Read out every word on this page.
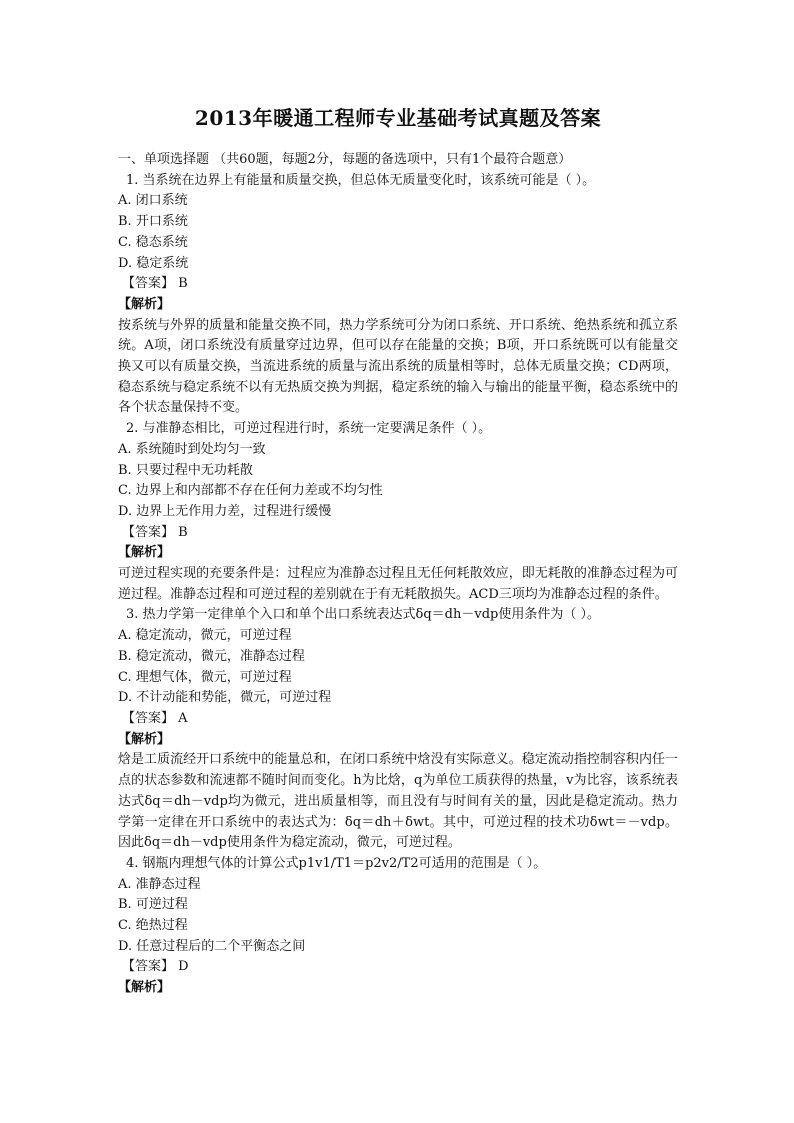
2013年暖通工程师专业基础考试真题及答案
一、单项选择题 （共60题，每题2分，每题的备选项中，只有1个最符合题意）
1. 当系统在边界上有能量和质量交换，但总体无质量变化时，该系统可能是（ ）。
A. 闭口系统
B. 开口系统
C. 稳态系统
D. 稳定系统
【答案】 B
【解析】
按系统与外界的质量和能量交换不同，热力学系统可分为闭口系统、开口系统、绝热系统和孤立系统。A项，闭口系统没有质量穿过边界，但可以存在能量的交换；B项，开口系统既可以有能量交换又可以有质量交换，当流进系统的质量与流出系统的质量相等时，总体无质量交换；CD两项，稳态系统与稳定系统不以有无热质交换为判据，稳定系统的输入与输出的能量平衡，稳态系统中的各个状态量保持不变。
2. 与准静态相比，可逆过程进行时，系统一定要满足条件（ ）。
A. 系统随时到处均匀一致
B. 只要过程中无功耗散
C. 边界上和内部都不存在任何力差或不均匀性
D. 边界上无作用力差，过程进行缓慢
【答案】 B
【解析】
可逆过程实现的充要条件是：过程应为准静态过程且无任何耗散效应，即无耗散的准静态过程为可逆过程。准静态过程和可逆过程的差别就在于有无耗散损失。ACD三项均为准静态过程的条件。
3. 热力学第一定律单个入口和单个出口系统表达式δq＝dh－vdp使用条件为（ ）。
A. 稳定流动，微元，可逆过程
B. 稳定流动，微元，准静态过程
C. 理想气体，微元，可逆过程
D. 不计动能和势能，微元，可逆过程
【答案】 A
【解析】
焓是工质流经开口系统中的能量总和，在闭口系统中焓没有实际意义。稳定流动指控制容积内任一点的状态参数和流速都不随时间而变化。h为比焓，q为单位工质获得的热量，v为比容，该系统表达式δq＝dh－vdp均为微元，进出质量相等，而且没有与时间有关的量，因此是稳定流动。热力学第一定律在开口系统中的表达式为：δq＝dh＋δwt。其中，可逆过程的技术功δwt＝－vdp。因此δq＝dh－vdp使用条件为稳定流动，微元，可逆过程。
4. 钢瓶内理想气体的计算公式p1v1/T1＝p2v2/T2可适用的范围是（ ）。
A. 准静态过程
B. 可逆过程
C. 绝热过程
D. 任意过程后的二个平衡态之间
【答案】 D
【解析】
